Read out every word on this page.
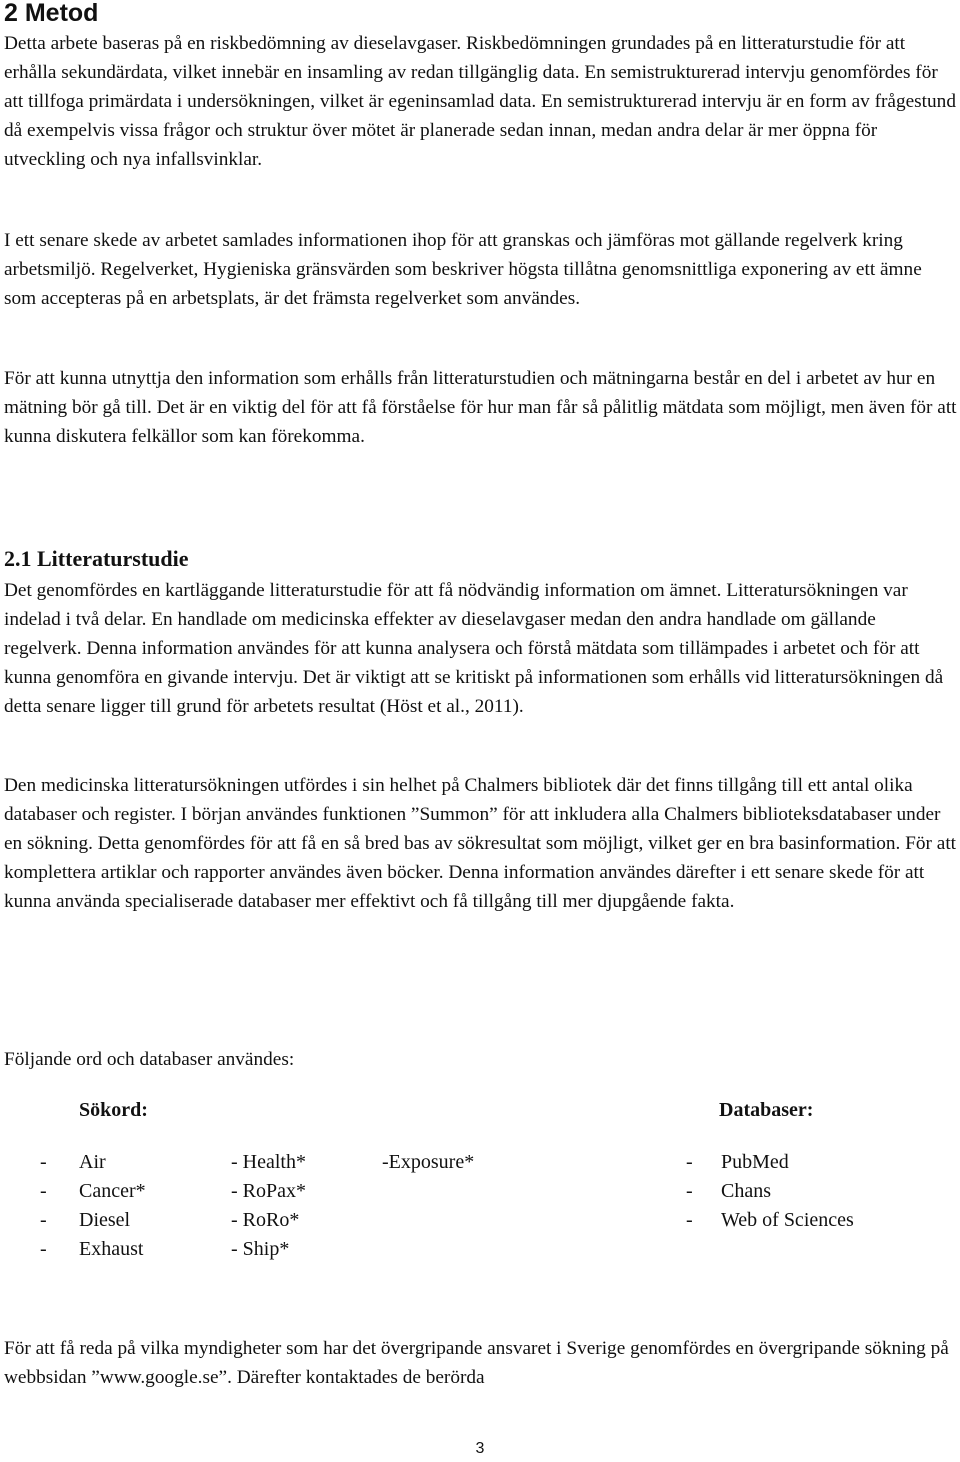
2 Metod

Detta arbete baseras på en riskbedömning av dieselavgaser. Riskbedömningen grundades på en litteraturstudie för att erhålla sekundärdata, vilket innebär en insamling av redan tillgänglig data. En semistrukturerad intervju genomfördes för att tillfoga primärdata i undersökningen, vilket är egeninsamlad data. En semistrukturerad intervju är en form av frågestund då exempelvis vissa frågor och struktur över mötet är planerade sedan innan, medan andra delar är mer öppna för utveckling och nya infallsvinklar.

I ett senare skede av arbetet samlades informationen ihop för att granskas och jämföras mot gällande regelverk kring arbetsmiljö. Regelverket, Hygieniska gränsvärden som beskriver högsta tillåtna genomsnittliga exponering av ett ämne som accepteras på en arbetsplats, är det främsta regelverket som användes.

För att kunna utnyttja den information som erhålls från litteraturstudien och mätningarna består en del i arbetet av hur en mätning bör gå till. Det är en viktig del för att få förståelse för hur man får så pålitlig mätdata som möjligt, men även för att kunna diskutera felkällor som kan förekomma.

2.1 Litteraturstudie

Det genomfördes en kartläggande litteraturstudie för att få nödvändig information om ämnet. Litteratursökningen var indelad i två delar. En handlade om medicinska effekter av dieselavgaser medan den andra handlade om gällande regelverk. Denna information användes för att kunna analysera och förstå mätdata som tillämpades i arbetet och för att kunna genomföra en givande intervju. Det är viktigt att se kritiskt på informationen som erhålls vid litteratursökningen då detta senare ligger till grund för arbetets resultat (Höst et al., 2011).

Den medicinska litteratursökningen utfördes i sin helhet på Chalmers bibliotek där det finns tillgång till ett antal olika databaser och register. I början användes funktionen ”Summon” för att inkludera alla Chalmers biblioteksdatabaser under en sökning. Detta genomfördes för att få en så bred bas av sökresultat som möjligt, vilket ger en bra basinformation. För att komplettera artiklar och rapporter användes även böcker. Denna information användes därefter i ett senare skede för att kunna använda specialiserade databaser mer effektivt och få tillgång till mer djupgående fakta.

Följande ord och databaser användes:

Sökord:	Databaser:
- Air
- Cancer*
- Diesel
- Exhaust
- Health*
- RoPax*
- RoRo*
- Ship*
-Exposure*	- PubMed
- Chans
- Web of Sciences

För att få reda på vilka myndigheter som har det övergripande ansvaret i Sverige genomfördes en övergripande sökning på webbsidan ”www.google.se”. Därefter kontaktades de berörda

3
